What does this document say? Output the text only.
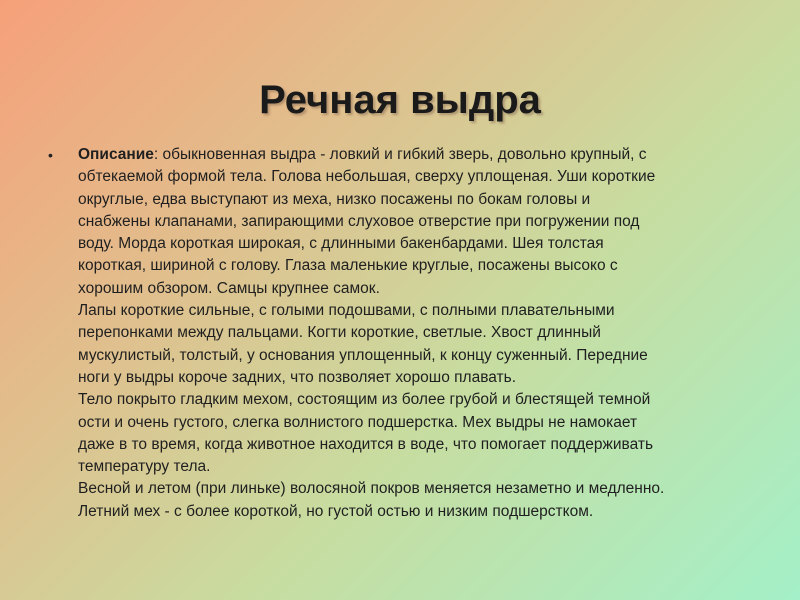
Речная выдра
• Описание: обыкновенная выдра - ловкий и гибкий зверь, довольно крупный, с
обтекаемой формой тела. Голова небольшая, сверху уплощеная. Уши короткие
округлые, едва выступают из меха, низко посажены по бокам головы и
снабжены клапанами, запирающими слуховое отверстие при погружении под
воду. Морда короткая широкая, с длинными бакенбардами. Шея толстая
короткая, шириной с голову. Глаза маленькие круглые, посажены высоко с
хорошим обзором. Самцы крупнее самок.
Лапы короткие сильные, с голыми подошвами, с полными плавательными
перепонками между пальцами. Когти короткие, светлые. Хвост длинный
мускулистый, толстый, у основания уплощенный, к концу суженный. Передние
ноги у выдры короче задних, что позволяет хорошо плавать.
Тело покрыто гладким мехом, состоящим из более грубой и блестящей темной
ости и очень густого, слегка волнистого подшерстка. Мех выдры не намокает
даже в то время, когда животное находится в воде, что помогает поддерживать
температуру тела.
Весной и летом (при линьке) волосяной покров меняется незаметно и медленно.
Летний мех - с более короткой, но густой остью и низким подшерстком.
